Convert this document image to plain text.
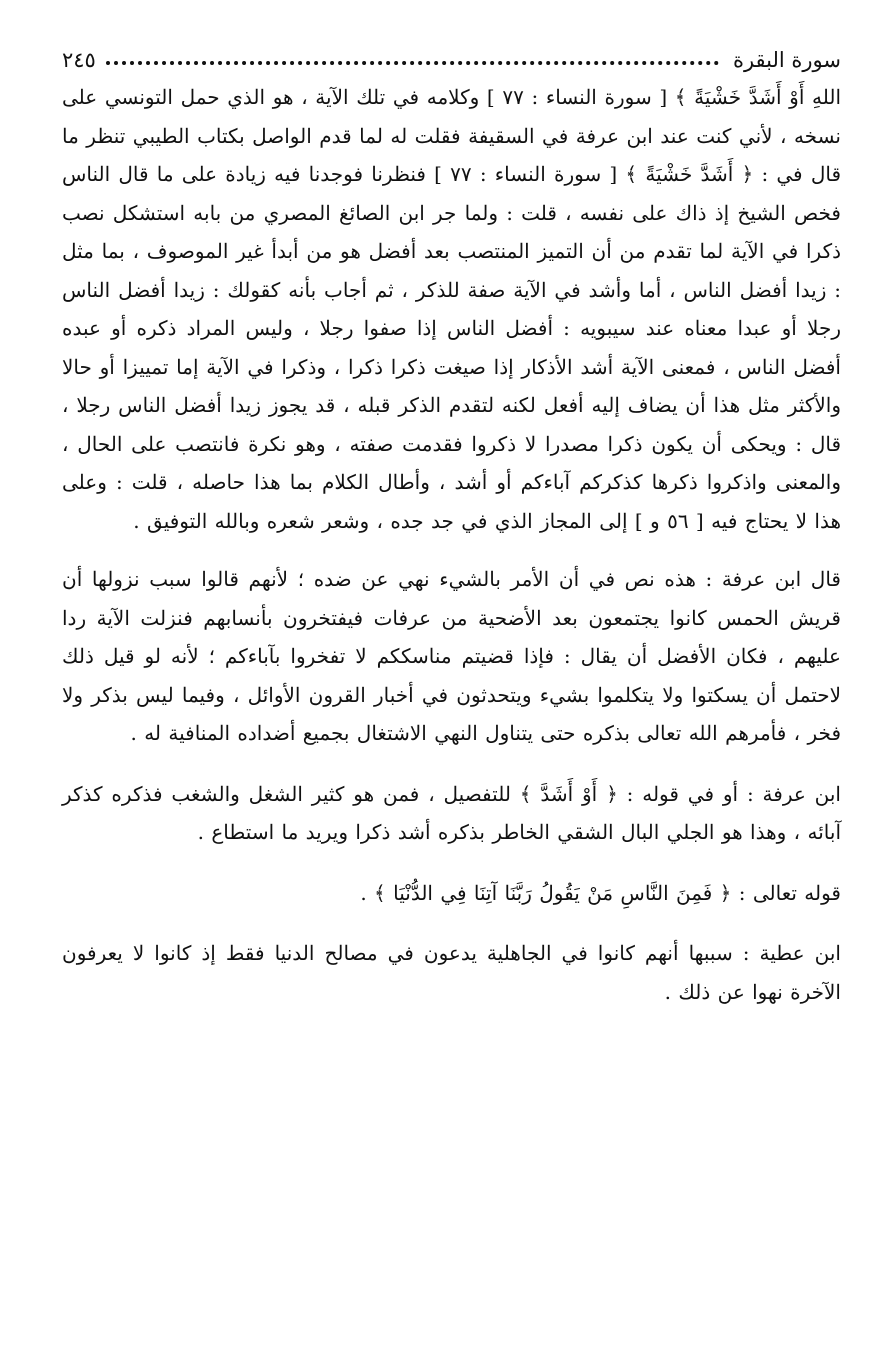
سورة البقرة
٢٤٥

اللهِ أَوْ أَشَدَّ خَشْيَةً ﴾ [ سورة النساء : ٧٧ ] وكلامه في تلك الآية ، هو الذي حمل التونسي على نسخه ، لأني كنت عند ابن عرفة في السقيفة فقلت له لما قدم الواصل بكتاب الطيبي تنظر ما قال في : ﴿ أَشَدَّ خَشْيَةً ﴾ [ سورة النساء : ٧٧ ] فنظرنا فوجدنا فيه زيادة على ما قال الناس فخص الشيخ إذ ذاك على نفسه ، قلت : ولما جر ابن الصائغ المصري من بابه استشكل نصب ذكرا في الآية لما تقدم من أن التميز المنتصب بعد أفضل هو من أبدأ غير الموصوف ، بما مثل : زيدا أفضل الناس ، أما وأشد في الآية صفة للذكر ، ثم أجاب بأنه كقولك : زيدا أفضل الناس رجلا أو عبدا معناه عند سيبويه : أفضل الناس إذا صفوا رجلا ، وليس المراد ذكره أو عبده أفضل الناس ، فمعنى الآية أشد الأذكار إذا صيغت ذكرا ذكرا ، وذكرا في الآية إما تمييزا أو حالا والأكثر مثل هذا أن يضاف إليه أفعل لكنه لتقدم الذكر قبله ، قد يجوز زيدا أفضل الناس رجلا ، قال : ويحكى أن يكون ذكرا مصدرا لا ذكروا فقدمت صفته ، وهو نكرة فانتصب على الحال ، والمعنى واذكروا ذكرها كذكركم آباءكم أو أشد ، وأطال الكلام بما هذا حاصله ، قلت : وعلى هذا لا يحتاج فيه [ ٥٦ و ] إلى المجاز الذي في جد جده ، وشعر شعره وبالله التوفيق .

قال ابن عرفة : هذه نص في أن الأمر بالشيء نهي عن ضده ؛ لأنهم قالوا سبب نزولها أن قريش الحمس كانوا يجتمعون بعد الأضحية من عرفات فيفتخرون بأنسابهم فنزلت الآية ردا عليهم ، فكان الأفضل أن يقال : فإذا قضيتم مناسككم لا تفخروا بآباءكم ؛ لأنه لو قيل ذلك لاحتمل أن يسكتوا ولا يتكلموا بشيء ويتحدثون في أخبار القرون الأوائل ، وفيما ليس بذكر ولا فخر ، فأمرهم الله تعالى بذكره حتى يتناول النهي الاشتغال بجميع أضداده المنافية له .

ابن عرفة : أو في قوله : ﴿ أَوْ أَشَدَّ ﴾ للتفصيل ، فمن هو كثير الشغل والشغب فذكره كذكر آبائه ، وهذا هو الجلي البال الشقي الخاطر بذكره أشد ذكرا ويريد ما استطاع .

قوله تعالى : ﴿ فَمِنَ النَّاسِ مَنْ يَقُولُ رَبَّنَا آتِنَا فِي الدُّنْيَا ﴾ .

ابن عطية : سببها أنهم كانوا في الجاهلية يدعون في مصالح الدنيا فقط إذ كانوا لا يعرفون الآخرة نهوا عن ذلك .
